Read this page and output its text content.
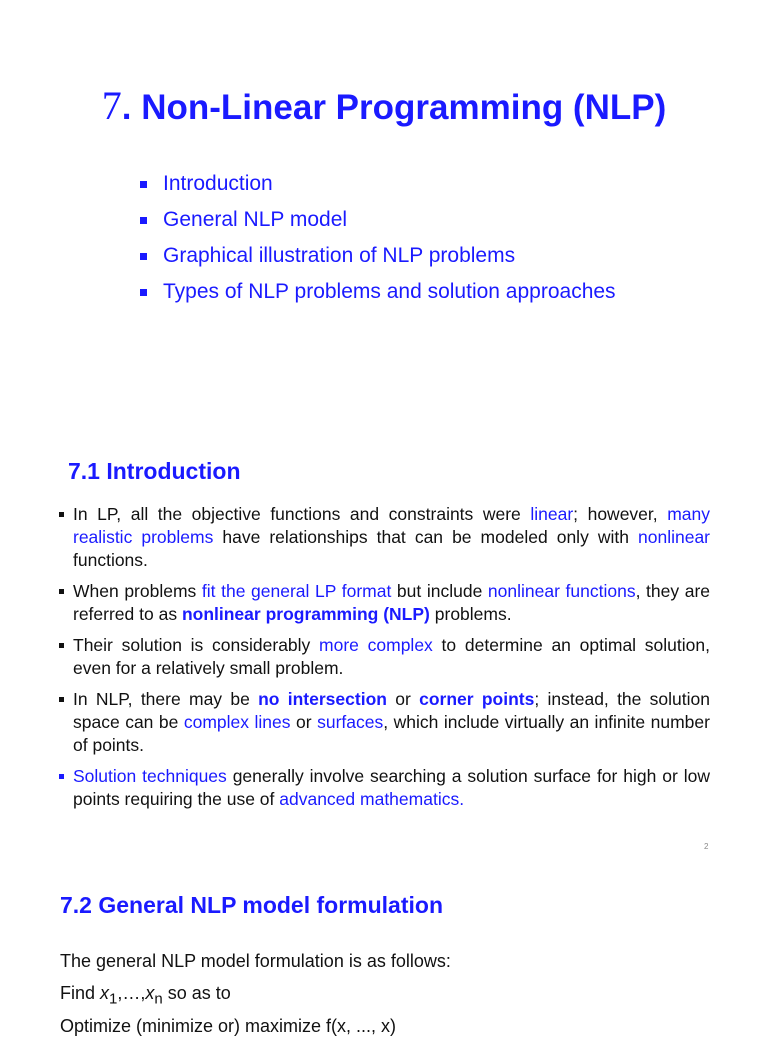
7. Non-Linear Programming (NLP)
Introduction
General NLP model
Graphical illustration of NLP problems
Types of NLP problems and solution approaches
7.1 Introduction
In LP, all the objective functions and constraints were linear; however, many realistic problems have relationships that can be modeled only with nonlinear functions.
When problems fit the general LP format but include nonlinear functions, they are referred to as nonlinear programming (NLP) problems.
Their solution is considerably more complex to determine an optimal solution, even for a relatively small problem.
In NLP, there may be no intersection or corner points; instead, the solution space can be complex lines or surfaces, which include virtually an infinite number of points.
Solution techniques generally involve searching a solution surface for high or low points requiring the use of advanced mathematics.
2
7.2 General NLP model formulation

The general NLP model formulation is as follows:

Find $x_1,\dots,x_n$ so as to

Optimize (minimize or) maximize f(x, ..., x)
